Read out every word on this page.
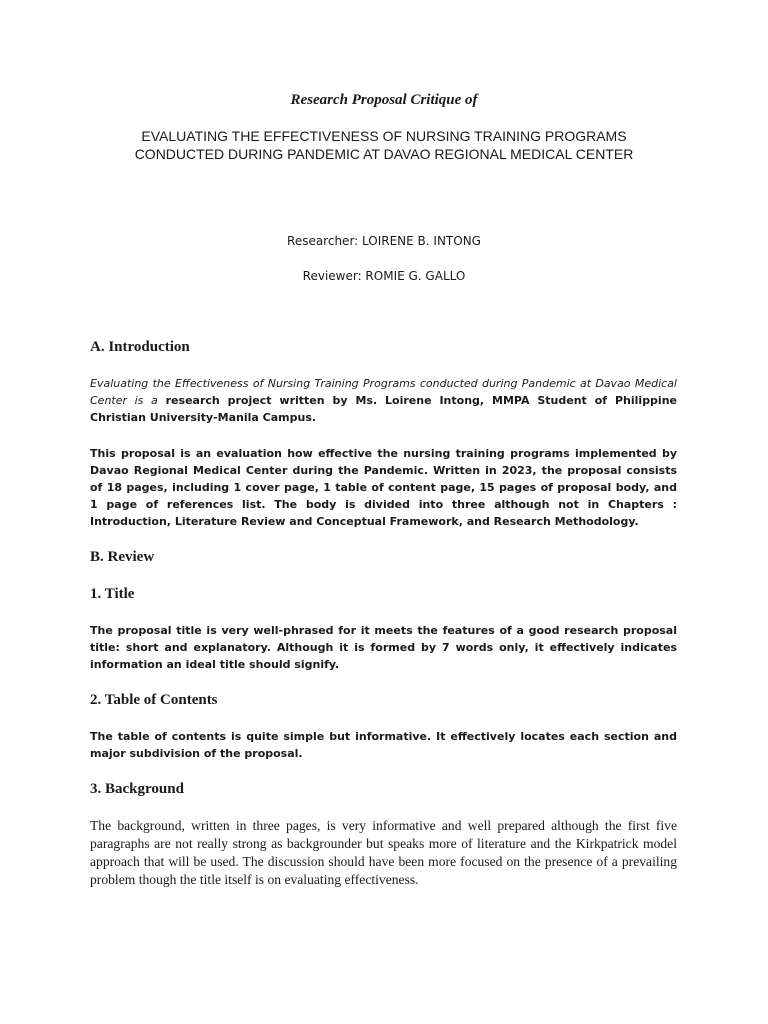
Research Proposal Critique of
EVALUATING THE EFFECTIVENESS OF NURSING TRAINING PROGRAMS CONDUCTED DURING PANDEMIC AT DAVAO REGIONAL MEDICAL CENTER
Researcher: LOIRENE B. INTONG
Reviewer: ROMIE G. GALLO
A. Introduction
Evaluating the Effectiveness of Nursing Training Programs conducted during Pandemic at Davao Medical Center is a research project written by Ms. Loirene Intong, MMPA Student of Philippine Christian University-Manila Campus.
This proposal is an evaluation how effective the nursing training programs implemented by Davao Regional Medical Center during the Pandemic. Written in 2023, the proposal consists of 18 pages, including 1 cover page, 1 table of content page, 15 pages of proposal body, and 1 page of references list. The body is divided into three although not in Chapters : Introduction, Literature Review and Conceptual Framework, and Research Methodology.
B. Review
1. Title
The proposal title is very well-phrased for it meets the features of a good research proposal title: short and explanatory. Although it is formed by 7 words only, it effectively indicates information an ideal title should signify.
2. Table of Contents
The table of contents is quite simple but informative. It effectively locates each section and major subdivision of the proposal.
3. Background
The background, written in three pages, is very informative and well prepared although the first five paragraphs are not really strong as backgrounder but speaks more of literature and the Kirkpatrick model approach that will be used. The discussion should have been more focused on the presence of a prevailing problem though the title itself is on evaluating effectiveness.
